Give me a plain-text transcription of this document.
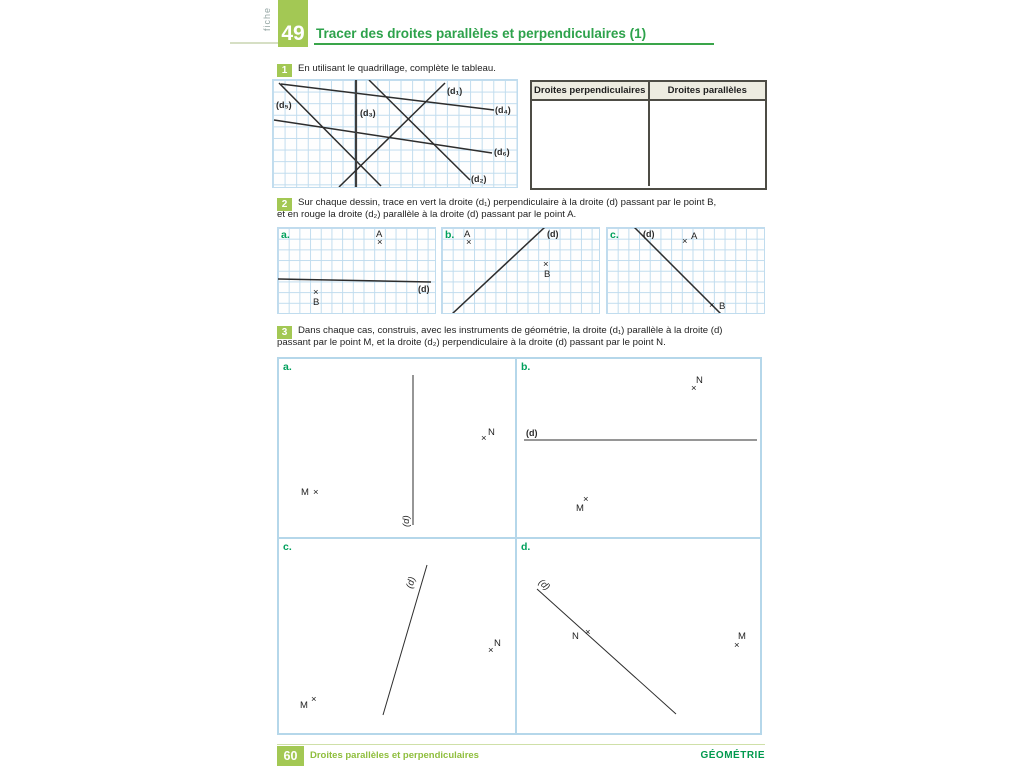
fiche
49 Tracer des droites parallèles et perpendiculaires (1)
1	En utilisant le quadrillage, complète le tableau.
(d₅)
(d₃)	(d₄)
(d₆)
(d₁)
(d₂)
Droites perpendiculaires	Droites parallèles
2	Sur chaque dessin, trace en vert la droite (d₁) perpendiculaire à la droite (d) passant par le point B,
et en rouge la droite (d₂) parallèle à la droite (d) passant par le point A.
a.
(d)
A
×
×
B
b.	(d)
A
×
×
B
c.	(d)
× A
× B
3	Dans chaque cas, construis, avec les instruments de géométrie, la droite (d₁) parallèle à la droite (d)
passant par le point M, et la droite (d₂) perpendiculaire à la droite (d) passant par le point N.
a.
(d)
M ×
×
N
b.
(d)
N
×
×
M
c.
(d)
N
×
M
×
d.
(d)
N ×	M
×
60	Droites parallèles et perpendiculaires	GÉOMÉTRIE
